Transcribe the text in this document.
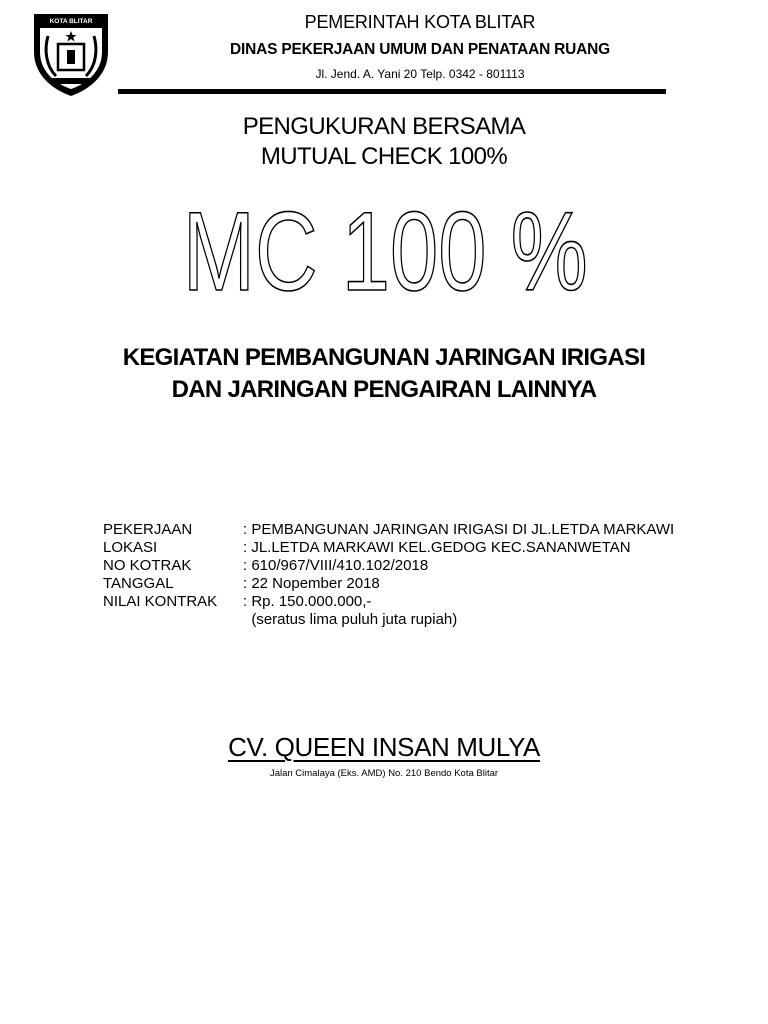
KOTA BLITAR	PEMERINTAH KOTA BLITAR
DINAS PEKERJAAN UMUM DAN PENATAAN RUANG
Jl. Jend. A. Yani 20 Telp. 0342 - 801113
PENGUKURAN BERSAMA
MUTUAL CHECK 100%
MC 100 %
KEGIATAN PEMBANGUNAN JARINGAN IRIGASI
DAN JARINGAN PENGAIRAN LAINNYA
PEKERJAAN	: PEMBANGUNAN JARINGAN IRIGASI DI JL.LETDA MARKAWI
LOKASI	: JL.LETDA MARKAWI KEL.GEDOG KEC.SANANWETAN
NO KOTRAK	: 610/967/VIII/410.102/2018
TANGGAL	: 22 Nopember 2018
NILAI KONTRAK : Rp. 150.000.000,-
(seratus lima puluh juta rupiah)
CV. QUEEN INSAN MULYA
Jalan Cimalaya (Eks. AMD) No. 210 Bendo Kota Blitar
